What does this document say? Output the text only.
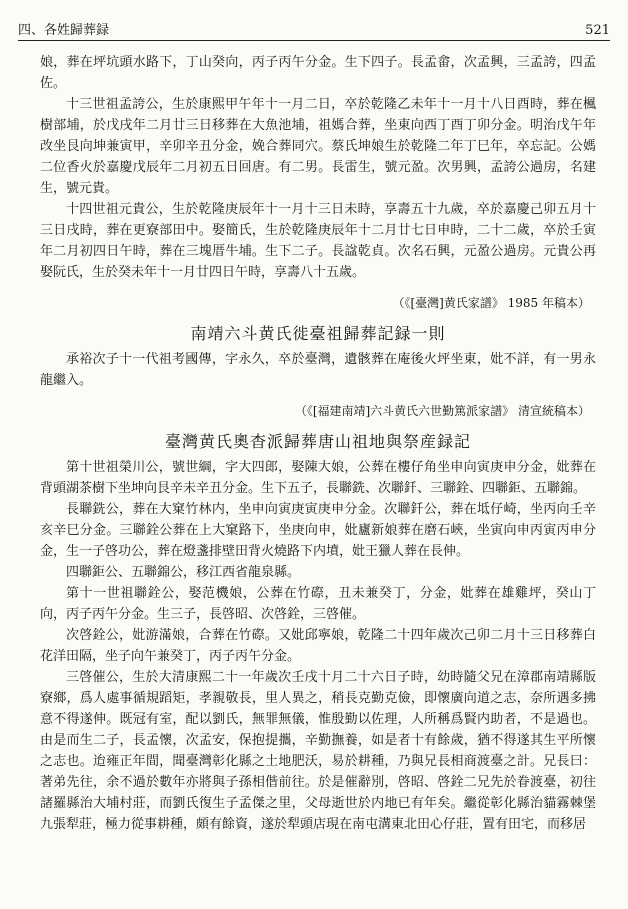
四、各姓歸葬録	521

娘，葬在坪坑頭水路下，丁山癸向，丙子丙午分金。生下四子。長孟畲，次孟興，三孟誇，四孟佐。

十三世祖孟誇公，生於康熙甲午年十一月二日，卒於乾隆乙未年十一月十八日酉時，葬在楓樹部埔，於戊戌年二月廿三日移葬在大魚池埔，祖媽合葬，坐東向西丁酉丁卯分金。明治戊午年改坐艮向坤兼寅甲，辛卯辛丑分金，娩合葬同穴。蔡氏坤娘生於乾隆二年丁巳年，卒忘記。公媽二位香火於嘉慶戊辰年二月初五日回唐。有二男。長雷生，號元盈。次男興，孟誇公過房，名建生，號元貴。

十四世祖元貴公，生於乾隆庚辰年十一月十三日未時，享壽五十九歲，卒於嘉慶己卯五月十三日戌時，葬在更寮部田中。娶簡氏，生於乾隆庚辰年十二月廿七日申時，二十二歲，卒於壬寅年二月初四日午時，葬在三塊厝牛埔。生下二子。長諡乾貞。次名石興，元盈公過房。元貴公再娶阮氏，生於癸未年十一月廿四日午時，享壽八十五歲。

（《[臺灣]黄氏家譜》 1985 年稿本）

南靖六斗黄氏徙臺祖歸葬記録一則

承裕次子十一代祖考國傳，字永久，卒於臺灣，遺骸葬在庵後火坪坐東，妣不詳，有一男永龍繼入。

（《[福建南靖]六斗黄氏六世勤篤派家譜》 清宣統稿本）

臺灣黄氏奧杳派歸葬唐山祖地與祭産録記

第十世祖榮川公，號世綱，字大四郎，娶陳大娘，公葬在樓仔角坐申向寅庚申分金，妣葬在背頭湖茶樹下坐坤向艮辛未辛丑分金。生下五子，長聯銑、次聯釺、三聯銓、四聯鉅、五聯錦。

長聯銑公，葬在大窠竹林内，坐申向寅庚寅庚申分金。次聯釺公，葬在坻仔崎，坐丙向壬辛亥辛巳分金。三聯銓公葬在上大窠路下，坐庚向申，妣廬新娘葬在磨石峽，坐寅向申丙寅丙申分金，生一子啓功公，葬在燈盞排壁田背火燒路下内墳，妣王獵人葬在長伸。

四聯鉅公、五聯錦公，移江西省龍泉縣。

第十一世祖聯銓公，娶范機娘，公葬在竹磜，丑未兼癸丁，分金，妣葬在雄雞坪，癸山丁向，丙子丙午分金。生三子，長啓昭、次啓銓，三啓催。

次啓銓公，妣游滿娘，合葬在竹磜。又妣邱寧娘，乾隆二十四年歲次己卯二月十三日移葬白花洋田隔，坐子向午兼癸丁，丙子丙午分金。

三啓催公，生於大清康熙二十一年歲次壬戌十月二十六日子時，幼時隨父兄在漳郡南靖縣版寮鄉，爲人處事循規蹈矩，孝親敬長，里人異之，稍長克勤克儉，即懷廣向道之志，奈所遇多拂意不得遂伸。既冠有室，配以劉氏，無罪無儀，惟殷勤以佐理，人所稱爲賢内助者，不是過也。由是而生二子，長孟懷，次孟安，保抱提攜，辛勤撫養，如是者十有餘歲，猶不得遂其生平所懷之志也。迨雍正年間，聞臺灣彰化縣之土地肥沃，易於耕種，乃與兄長相商渡臺之計。兄長曰：著弟先往，余不過於數年亦將與子孫相偕前往。於是催辭別，啓昭、啓銓二兄先於眷渡臺，初往諸羅縣治大埔村莊，而劉氏復生子孟傑之里，父母逝世於内地已有年矣。繼從彰化縣治貓霧棘堡九張犁莊，極力從事耕種，頗有餘資，遂於犁頭店現在南屯溝東北田心仔莊，置有田宅，而移居
